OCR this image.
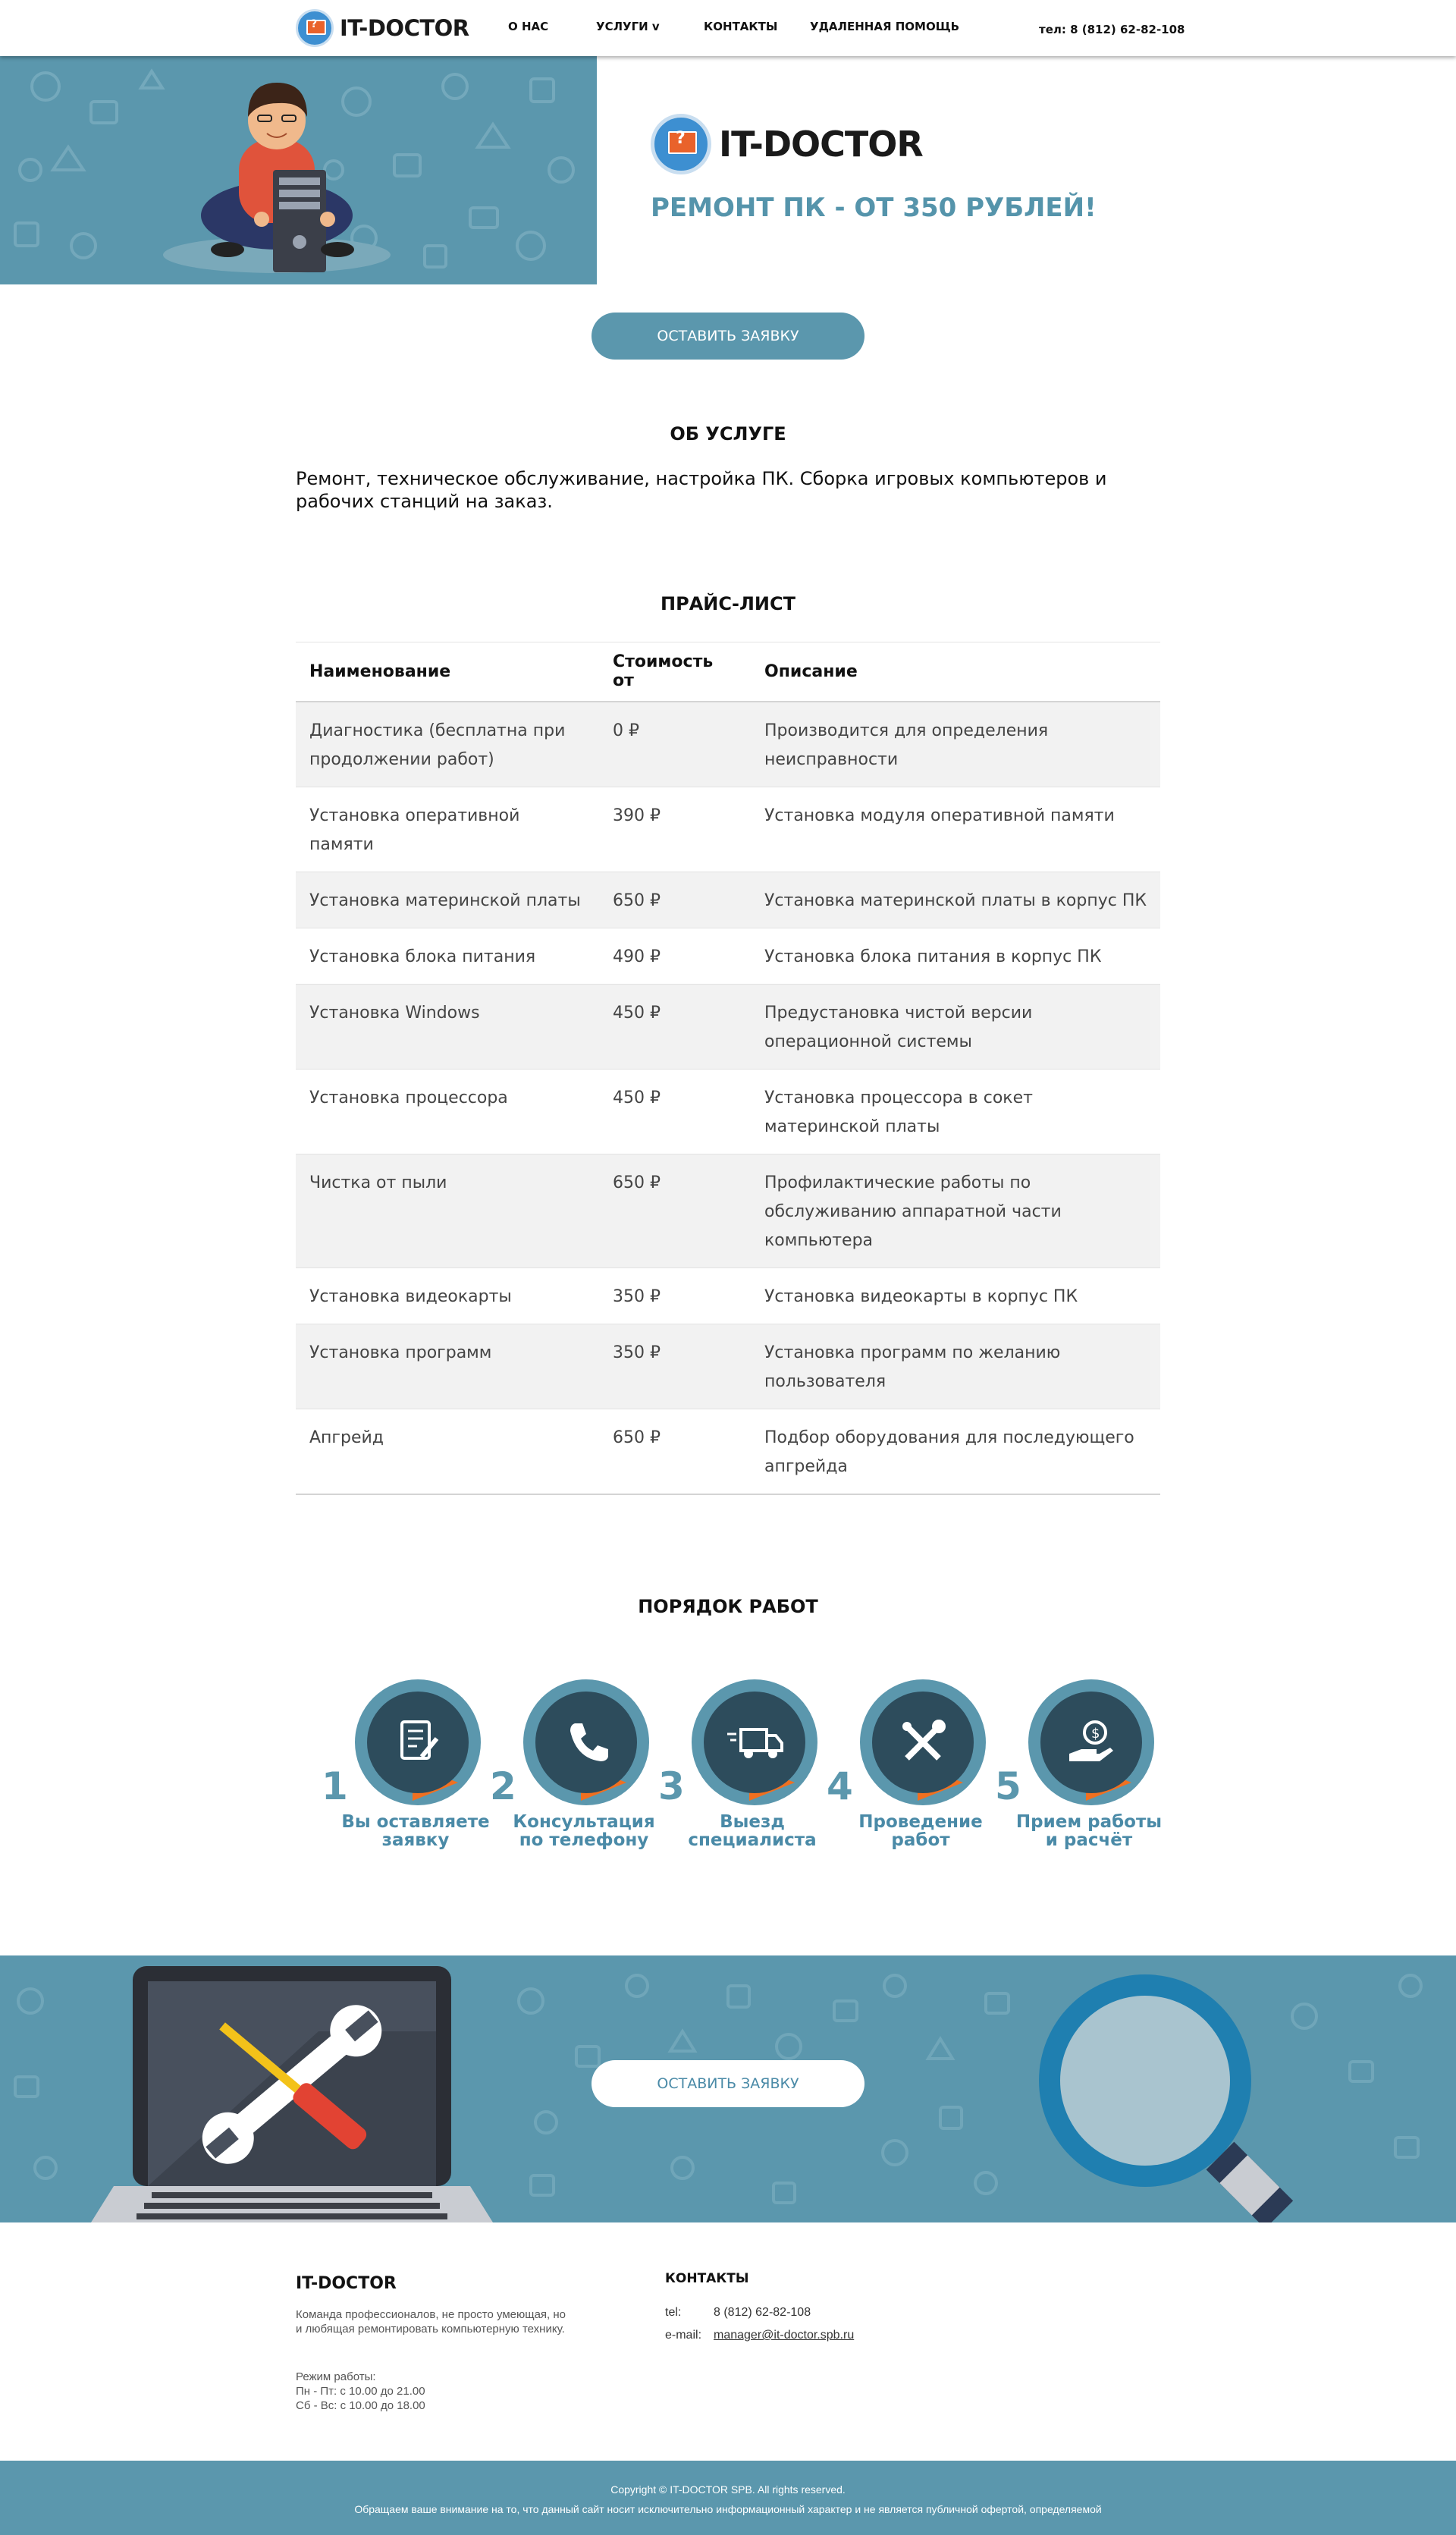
?
IT-DOCTOR	О НАС	УСЛУГИ v	КОНТАКТЫ	УДАЛЕННАЯ ПОМОЩЬ	тел: 8 (812) 62-82-108
?
IT-DOCTOR
РЕМОНТ ПК - ОТ 350 РУБЛЕЙ!
ОСТАВИТЬ ЗАЯВКУ
ОБ УСЛУГЕ
Ремонт, техническое обслуживание, настройка ПК. Сборка игровых компьютеров и рабочих станций на заказ.
ПРАЙС-ЛИСТ
Наименование	Стоимость от	Описание
Диагностика (бесплатна при продолжении работ)	0 ₽	Производится для определения неисправности
Установка оперативной памяти	390 ₽	Установка модуля оперативной памяти
Установка материнской платы	650 ₽	Установка материнской платы в корпус ПК
Установка блока питания	490 ₽	Установка блока питания в корпус ПК
Установка Windows	450 ₽	Предустановка чистой версии операционной системы
Установка процессора	450 ₽	Установка процессора в сокет материнской платы
Чистка от пыли	650 ₽	Профилактические работы по обслуживанию аппаратной части компьютера
Установка видеокарты	350 ₽	Установка видеокарты в корпус ПК
Установка программ	350 ₽	Установка программ по желанию пользователя
Апгрейд	650 ₽	Подбор оборудования для последующего апгрейда
ПОРЯДОК РАБОТ
1
Вы оставляете
заявку
2
Консультация
по телефону
3
Выезд
специалиста
4
Проведение
работ
$
5
Прием работы
и расчёт
ОСТАВИТЬ ЗАЯВКУ
IT-DOCTOR
Команда профессионалов, не просто умеющая, но и любящая ремонтировать компьютерную технику.
Режим работы:
Пн - Пт: с 10.00 до 21.00
Сб - Вс: с 10.00 до 18.00
КОНТАКТЫ
tel:	8 (812) 62-82-108
e-mail: manager@it-doctor.spb.ru
Copyright © IT-DOCTOR SPB. All rights reserved.
Обращаем ваше внимание на то, что данный сайт носит исключительно информационный характер и не является публичной офертой, определяемой
